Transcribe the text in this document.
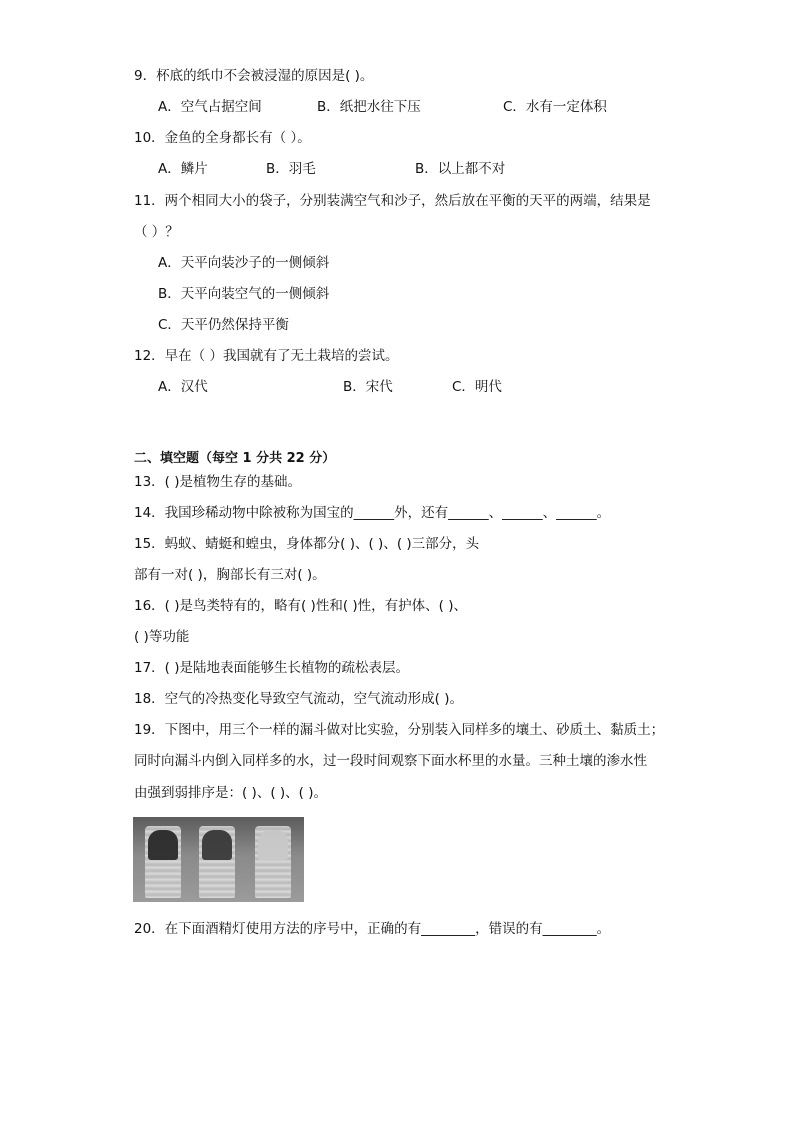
9．杯底的纸巾不会被浸湿的原因是( )。
A．空气占据空间	B．纸把水往下压	C．水有一定体积
10．金鱼的全身都长有（ ）。
A．鳞片	B．羽毛	B．以上都不对
11．两个相同大小的袋子，分别装满空气和沙子，然后放在平衡的天平的两端，结果是
（ ）？
A．天平向装沙子的一侧倾斜
B．天平向装空气的一侧倾斜
C．天平仍然保持平衡
12．早在（ ）我国就有了无土栽培的尝试。
A．汉代	B．宋代	C．明代
二、填空题（每空 1 分共 22 分）
13．( )是植物生存的基础。
14．我国珍稀动物中除被称为国宝的______外，还有______、______、______。
15．蚂蚁、蜻蜓和蝗虫，身体都分( )、( )、( )三部分，头
部有一对( )，胸部长有三对( )。
16．( )是鸟类特有的，略有( )性和( )性，有护体、( )、
( )等功能
17．( )是陆地表面能够生长植物的疏松表层。
18．空气的冷热变化导致空气流动，空气流动形成( )。
19．下图中，用三个一样的漏斗做对比实验，分别装入同样多的壤土、砂质土、黏质土；
同时向漏斗内倒入同样多的水，过一段时间观察下面水杯里的水量。三种土壤的渗水性
由强到弱排序是：( )、( )、( )。
20．在下面酒精灯使用方法的序号中，正确的有________，错误的有________。
